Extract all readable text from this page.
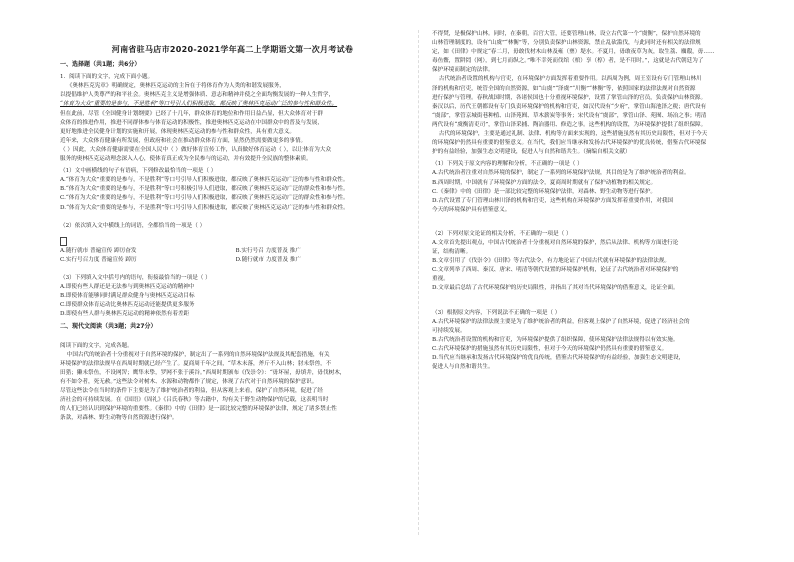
河南省驻马店市2020-2021学年高二上学期语文第一次月考试卷
一、选择题（共1题；共6分）
1．阅读下面的文字，完成下面小题。
《奥林匹克宪章》明确规定，奥林匹克运动的主旨在于将体育作为人类的和谐发展服务，
以提倡维护人类尊严的和平社会。奥林匹克主义是增强体质、意志和精神并使之全面均衡发展的一种人生哲学，
“体育为大众”重要的是参与，不是胜利”等口号引人们积极进取，都反映了奥林匹克运动广泛的参与性和群众性。
但在此前，尽管《全国健身计划纲要》已经了十几年，群众体育的地位和作用日益凸显，但大众体育对于群
众体育的推进作用，推进不同群体参与体育运动的积极性，推进奥林匹克运动在中国群众中的普及与发展，
更好地推进全民健身计划的实施和开展，体现奥林匹克运动的参与性和群众性，具有重大意义。
近年来，大众体育健康有所发展，但政府和社会在推动群众体育方面，显然仍然需要做更多的事情。
（ ）因此，大众体育健康需要在全国人民中（ ）做好体育宣传工作，认真做好体育运动（ ），以让体育为大众
服务的奥林匹克运动理念深入人心，使体育真正成为全民参与的运动，并有效提升全民族的整体素质。
（1）文中画横线的句子有语病，下列修改最恰当的一项是（ ）
A.“体育为大众”重要的是参与，不是胜利“等口号引导人们积极进取，都反映了奥林匹克运动广泛的参与性和群众性。
B.“体育为大众”重要的是参与，不是胜利”等口号积极引导人们进取，都反映了奥林匹克运动广泛的群众性和参与性。
C.“体育为大众”重要的是参与，不是胜利”等口号引导人们积极进取，都反映了奥林匹克运动广泛的群众性和参与性。
D.“体育为大众”重要的是参与，不是胜利”等口号引导人们积极进取，都反映了奥林匹克运动广泛的参与性和群众性。
（2）依次填入文中横线上的词语，全都恰当的一项是（ ）
A.随行就市 普遍宣传 踔厉奋发	B.实行号召 力度普及 推广
C.实行号召力度 普遍宣传 踔厉	D.随行就市 力度普及 推广
（3）下列填入文中括号内的语句，衔接最恰当的一项是（ ）
A.即使有些人群还是无法参与到奥林匹克运动的精神中
B.即使体育能够同时满足群众健身与奥林匹克运动目标
C.即使群众体育运动比奥林匹克运动还能提供更多服务
D.即使有些人群与奥林匹克运动的精神依然有着差距
二、现代文阅读（共3题；共27分）
阅读下面的文字，完成各题。
中国古代的统治者十分重视对于自然环境的保护，制定出了一系列的自然环境保护法规及其配套措施，有关
环境保护的法律法规早在西周时期就已经产生了。夏商周千年之间，“草木未落，斧斤不入山林；豺未祭兽，不
田猎；獭未祭鱼，不设网罟；鹰隼未挚，罗网不张于溪谷。”西周时期颁布《伐崇令》：“毋坏屋，毋填井，毋伐树木，
有不如令者，死无赦。”这些法令对树木、水源和动物都作了规定，体现了古代对于自然环境的保护意识。
尽管这些法令在当时的条件下主要是为了维护统治者的利益，但从客观上来看，保护了自然环境，促进了经
济社会的可持续发展。在《国语》《周礼》《吕氏春秋》等古籍中，均有关于野生动物保护的记载，这表明当时
的人们已经认识到保护环境的重要性。《秦律》中的《田律》是一部比较完整的环境保护法律，规定了诸多禁止性
条款，对森林、野生动物等自然资源进行保护。
不得焚，是极保护山林。同时，在秦朝，百官大管，还要管理山林，设立古代第一个“虞衡”，保护自然环境的
山林管理制度的，设有“山虞”“林衡”等，分别负责保护山林资源，禁止乱砍滥伐，与此同时还有相关的法律规
定，如《田律》中规定“春二月，毋敢伐材木山林及雍（壅）堤水。不夏月，毋敢夜草为灰，取生荔、麛鷇，毋……
毒鱼鳖，置阱罔（网），到七月而纵之。”唯不幸死而伐绾（棺）享（椁）者，是不用时。”，这就是古代朝廷为了
保护环境而制定的法律。
古代统治者设置的机构与官吏，在环境保护方面发挥着重要作用。以西周为例，周王室设有专门管理山林川
泽的机构和官吏，统管全国的自然资源，如“山虞”“泽虞”“川衡”“林衡”等，依照国家的法律法规对自然资源
进行保护与管理。春秋战国时期，各诸侯国也十分重视环境保护，设置了掌管山泽的官员，负责保护山林资源。
秦汉以后，历代王朝都设有专门负责环境保护的机构和官吏，如汉代设有“少府”，掌管山海池泽之税；唐代设有
“虞部”，掌管京城街巷种植、山泽苑囿、草木薪炭等事务；宋代设有“虞部”，掌管山泽、苑囿、场冶之事；明清
两代设有“虞衡清吏司”，掌管山泽采捕、陶冶器用、修造之事。这些机构的设置，为环境保护提供了组织保障。
古代的环境保护，主要是通过礼制、法律、机构等方面来实现的，这些措施虽然有其历史局限性，但对于今天
的环境保护仍然具有重要的借鉴意义。在当代，我们应当继承和发扬古代环境保护的优良传统，借鉴古代环境保
护的有益经验，加强生态文明建设，促进人与自然和谐共生。（摘编自相关文献）
（1）下列关于原文内容的理解和分析，不正确的一项是（ ）
A.古代统治者注重对自然环境的保护，制定了一系列的环境保护法规，其目的是为了维护统治者的利益。
B.西周时期，中国就有了环境保护方面的法令，夏商周时期就有了保护动植物的相关规定。
C.《秦律》中的《田律》是一部比较完整的环境保护法律，对森林、野生动物等进行保护。
D.古代设置了专门管理山林川泽的机构和官吏，这些机构在环境保护方面发挥着重要作用，对我国
今天的环境保护具有借鉴意义。
（2）下列对原文论证的相关分析，不正确的一项是（ ）
A.文章首先提出观点，中国古代统治者十分重视对自然环境的保护，然后从法律、机构等方面进行论
证，结构清晰。
B.文章引用了《伐崇令》《田律》等古代法令，有力地论证了中国古代就有环境保护的法律法规。
C.文章列举了西周、秦汉、唐宋、明清等朝代设置的环境保护机构，论证了古代统治者对环境保护的
重视。
D.文章最后总结了古代环境保护的历史局限性，并指出了其对当代环境保护的借鉴意义，论证全面。
（3）根据原文内容，下列说法不正确的一项是（ ）
A.古代环境保护的法律法规主要是为了维护统治者的利益，但客观上保护了自然环境，促进了经济社会的
可持续发展。
B.古代统治者设置的机构和官吏，为环境保护提供了组织保障，使环境保护法律法规得以有效实施。
C.古代环境保护的措施虽然有其历史局限性，但对于今天的环境保护仍然具有重要的借鉴意义。
D.当代应当继承和发扬古代环境保护的优良传统，借鉴古代环境保护的有益经验，加强生态文明建设，
促进人与自然和谐共生。
